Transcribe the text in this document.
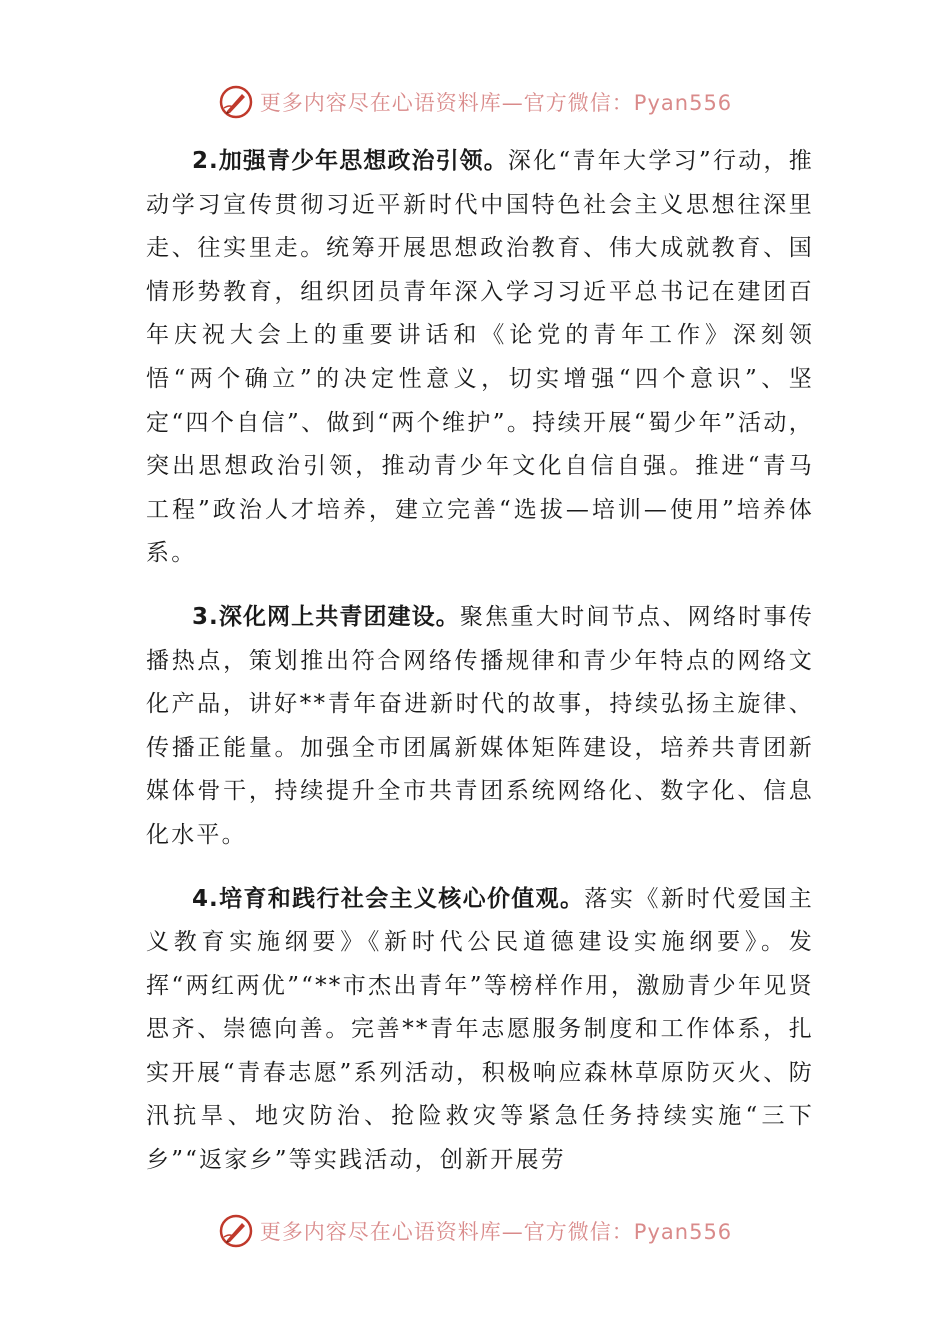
更多内容尽在心语资料库—官方微信：Pyan556

2.加强青少年思想政治引领。深化“青年大学习”行动，推动学习宣传贯彻习近平新时代中国特色社会主义思想往深里走、往实里走。统筹开展思想政治教育、伟大成就教育、国情形势教育，组织团员青年深入学习习近平总书记在建团百年庆祝大会上的重要讲话和《论党的青年工作》深刻领悟“两个确立”的决定性意义，切实增强“四个意识”、坚定“四个自信”、做到“两个维护”。持续开展“蜀少年”活动，突出思想政治引领，推动青少年文化自信自强。推进“青马工程”政治人才培养，建立完善“选拔—培训—使用”培养体系。

3.深化网上共青团建设。聚焦重大时间节点、网络时事传播热点，策划推出符合网络传播规律和青少年特点的网络文化产品，讲好**青年奋进新时代的故事，持续弘扬主旋律、传播正能量。加强全市团属新媒体矩阵建设，培养共青团新媒体骨干，持续提升全市共青团系统网络化、数字化、信息化水平。

4.培育和践行社会主义核心价值观。落实《新时代爱国主义教育实施纲要》《新时代公民道德建设实施纲要》。发挥“两红两优”“**市杰出青年”等榜样作用，激励青少年见贤思齐、崇德向善。完善**青年志愿服务制度和工作体系，扎实开展“青春志愿”系列活动，积极响应森林草原防灭火、防汛抗旱、地灾防治、抢险救灾等紧急任务持续实施“三下乡”“返家乡”等实践活动，创新开展劳

更多内容尽在心语资料库—官方微信：Pyan556
